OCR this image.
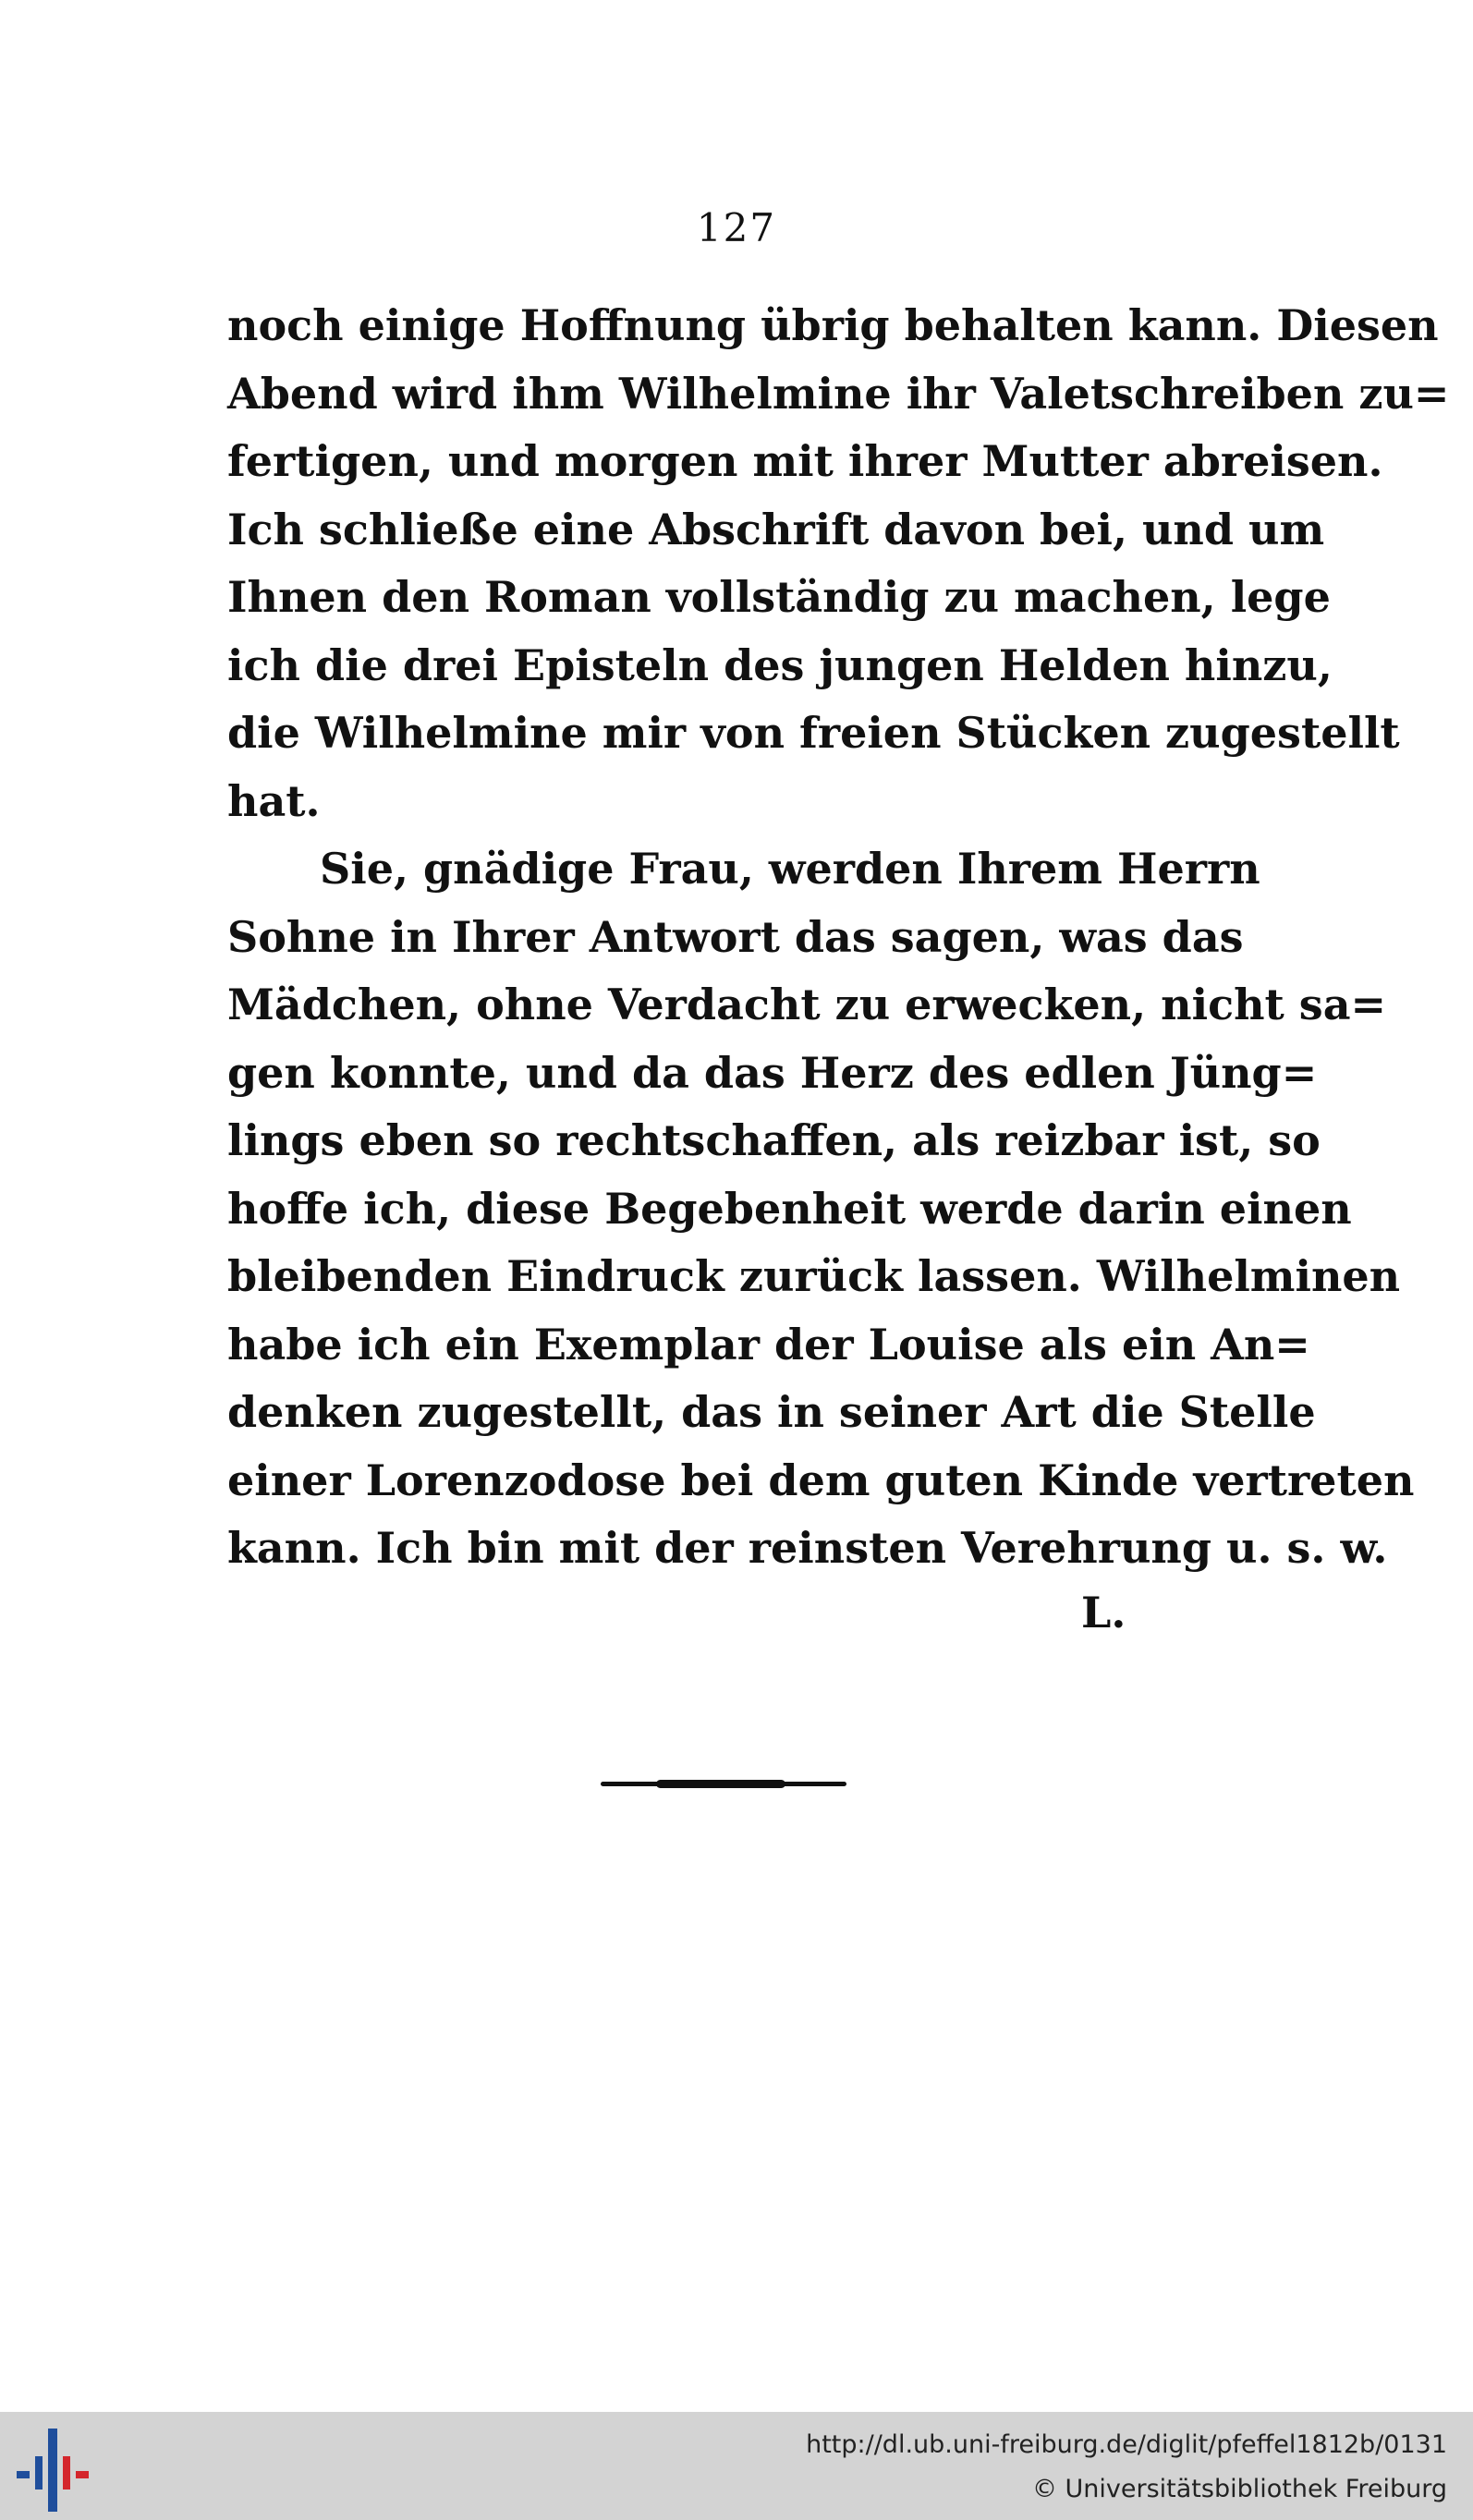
127
noch einige Hoffnung übrig behalten kann. Diesen
Abend wird ihm Wilhelmine ihr Valetschreiben zu=
fertigen, und morgen mit ihrer Mutter abreisen.
Ich schließe eine Abschrift davon bei, und um
Ihnen den Roman vollständig zu machen, lege
ich die drei Episteln des jungen Helden hinzu,
die Wilhelmine mir von freien Stücken zugestellt
hat.
Sie, gnädige Frau, werden Ihrem Herrn
Sohne in Ihrer Antwort das sagen, was das
Mädchen, ohne Verdacht zu erwecken, nicht sa=
gen konnte, und da das Herz des edlen Jüng=
lings eben so rechtschaffen, als reizbar ist, so
hoffe ich, diese Begebenheit werde darin einen
bleibenden Eindruck zurück lassen. Wilhelminen
habe ich ein Exemplar der Louise als ein An=
denken zugestellt, das in seiner Art die Stelle
einer Lorenzodose bei dem guten Kinde vertreten
kann. Ich bin mit der reinsten Verehrung u. s. w.
L.
http://dl.ub.uni-freiburg.de/diglit/pfeffel1812b/0131
© Universitätsbibliothek Freiburg
